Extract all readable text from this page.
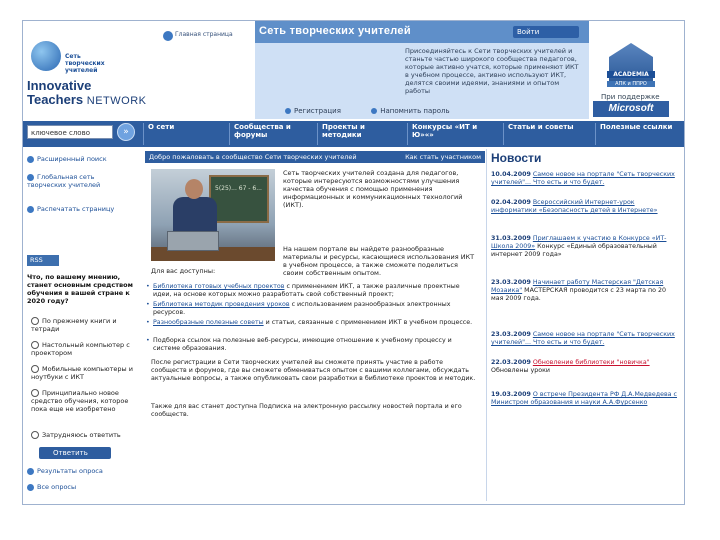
Сеть творческих учителей
Innovative
Teachers NETWORK
Главная страница Сеть творческих учителей	Войти
Присоединяйтесь к Сети творческих учителей и станьте частью широкого сообщества педагогов, которые активно учатся, которые применяют ИКТ в учебном процессе, активно используют ИКТ, делятся своими идеями, знаниями и опытом работы
Регистрация	Напомнить пароль
ACADEMIA
АПК и ППРО
При поддержке
Microsoft
ключевое слово	»	О сети	Сообщества и форумы
Проекты и методики
Конкурсы «ИТ и Ю»«»
Статьи и советы	Полезные ссылки
Расширенный поиск
Глобальная сеть творческих учителей
Распечатать страницу
RSS
Что, по вашему мнению, станет основным средством обучения в вашей стране к 2020 году?
По прежнему книги и тетради
Настольный компьютер с проектором
Мобильные компьютеры и ноутбуки с ИКТ
Принципиально новое средство обучения, которое пока еще не изобретено
Затрудняюсь ответить
Ответить
Результаты опроса
Все опросы
Добро пожаловать в сообщество Сети творческих учителей	Как стать участником
5(25)... 67 - 6...
Сеть творческих учителей создана для педагогов, которые интересуются возможностями улучшения качества обучения с помощью применения информационных и коммуникационных технологий (ИКТ).
На нашем портале вы найдете разнообразные материалы и ресурсы, касающиеся использования ИКТ в учебном процессе, а также сможете поделиться своим собственным опытом.
Для вас доступны:
• Библиотека готовых учебных проектов с применением ИКТ, а также различные проектные идеи, на основе которых можно разработать свой собственный проект;
• Библиотека методик проведения уроков с использованием разнообразных электронных ресурсов.
• Разнообразные полезные советы и статьи, связанные с применением ИКТ в учебном процессе.
• Подборка ссылок на полезные веб-ресурсы, имеющие отношение к учебному процессу и системе образования.
После регистрации в Сети творческих учителей вы сможете принять участие в работе сообществ и форумов, где вы сможете обмениваться опытом с вашими коллегами, обсуждать актуальные вопросы, а также опубликовать свои разработки в библиотеке проектов и методик.
Также для вас станет доступна Подписка на электронную рассылку новостей портала и его сообществ.
Новости
10.04.2009 Самое новое на портале "Сеть творческих учителей"... Что есть и что будет.
02.04.2009 Всероссийский Интернет-урок информатики «Безопасность детей в Интернете»
31.03.2009 Приглашаем к участию в Конкурсе «ИТ-Школа 2009» Конкурс «Единый образовательный интернет 2009 года»
23.03.2009 Начинает работу Мастерская "Детская Мозаика" МАСТЕРСКАЯ проводится с 23 марта по 20 мая 2009 года.
23.03.2009 Самое новое на портале "Сеть творческих учителей"... Что есть и что будет.
22.03.2009 Обновление библиотеки "новичка" Обновлены уроки
19.03.2009 О встрече Президента РФ Д.А.Медведева с Министром образования и науки А.А.Фурсенко
